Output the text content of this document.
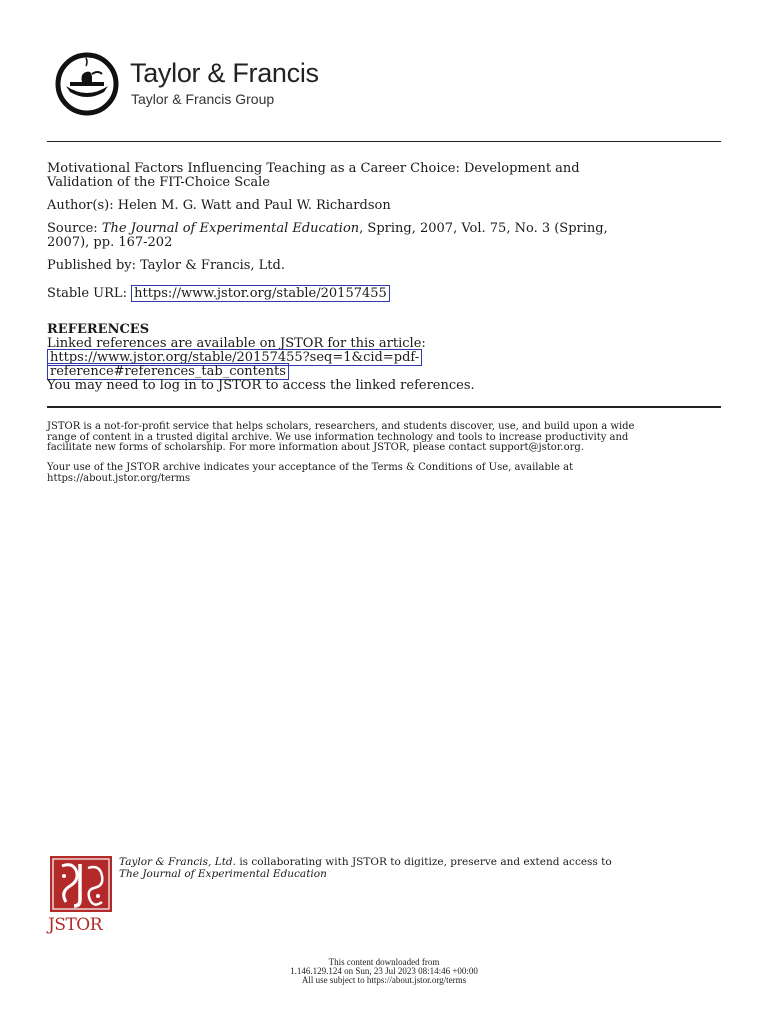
Taylor & Francis
Taylor & Francis Group
Motivational Factors Influencing Teaching as a Career Choice: Development and
Validation of the FIT-Choice Scale
Author(s): Helen M. G. Watt and Paul W. Richardson
Source: The Journal of Experimental Education, Spring, 2007, Vol. 75, No. 3 (Spring,
2007), pp. 167-202
Published by: Taylor & Francis, Ltd.
Stable URL: https://www.jstor.org/stable/20157455
REFERENCES
Linked references are available on JSTOR for this article:
https://www.jstor.org/stable/20157455?seq=1&cid=pdf-
reference#references_tab_contents
You may need to log in to JSTOR to access the linked references.
JSTOR is a not-for-profit service that helps scholars, researchers, and students discover, use, and build upon a wide
range of content in a trusted digital archive. We use information technology and tools to increase productivity and
facilitate new forms of scholarship. For more information about JSTOR, please contact support@jstor.org.
Your use of the JSTOR archive indicates your acceptance of the Terms & Conditions of Use, available at
https://about.jstor.org/terms
JSTOR
Taylor & Francis, Ltd. is collaborating with JSTOR to digitize, preserve and extend access to
The Journal of Experimental Education
This content downloaded from
1.146.129.124 on Sun, 23 Jul 2023 08:14:46 +00:00
All use subject to https://about.jstor.org/terms
